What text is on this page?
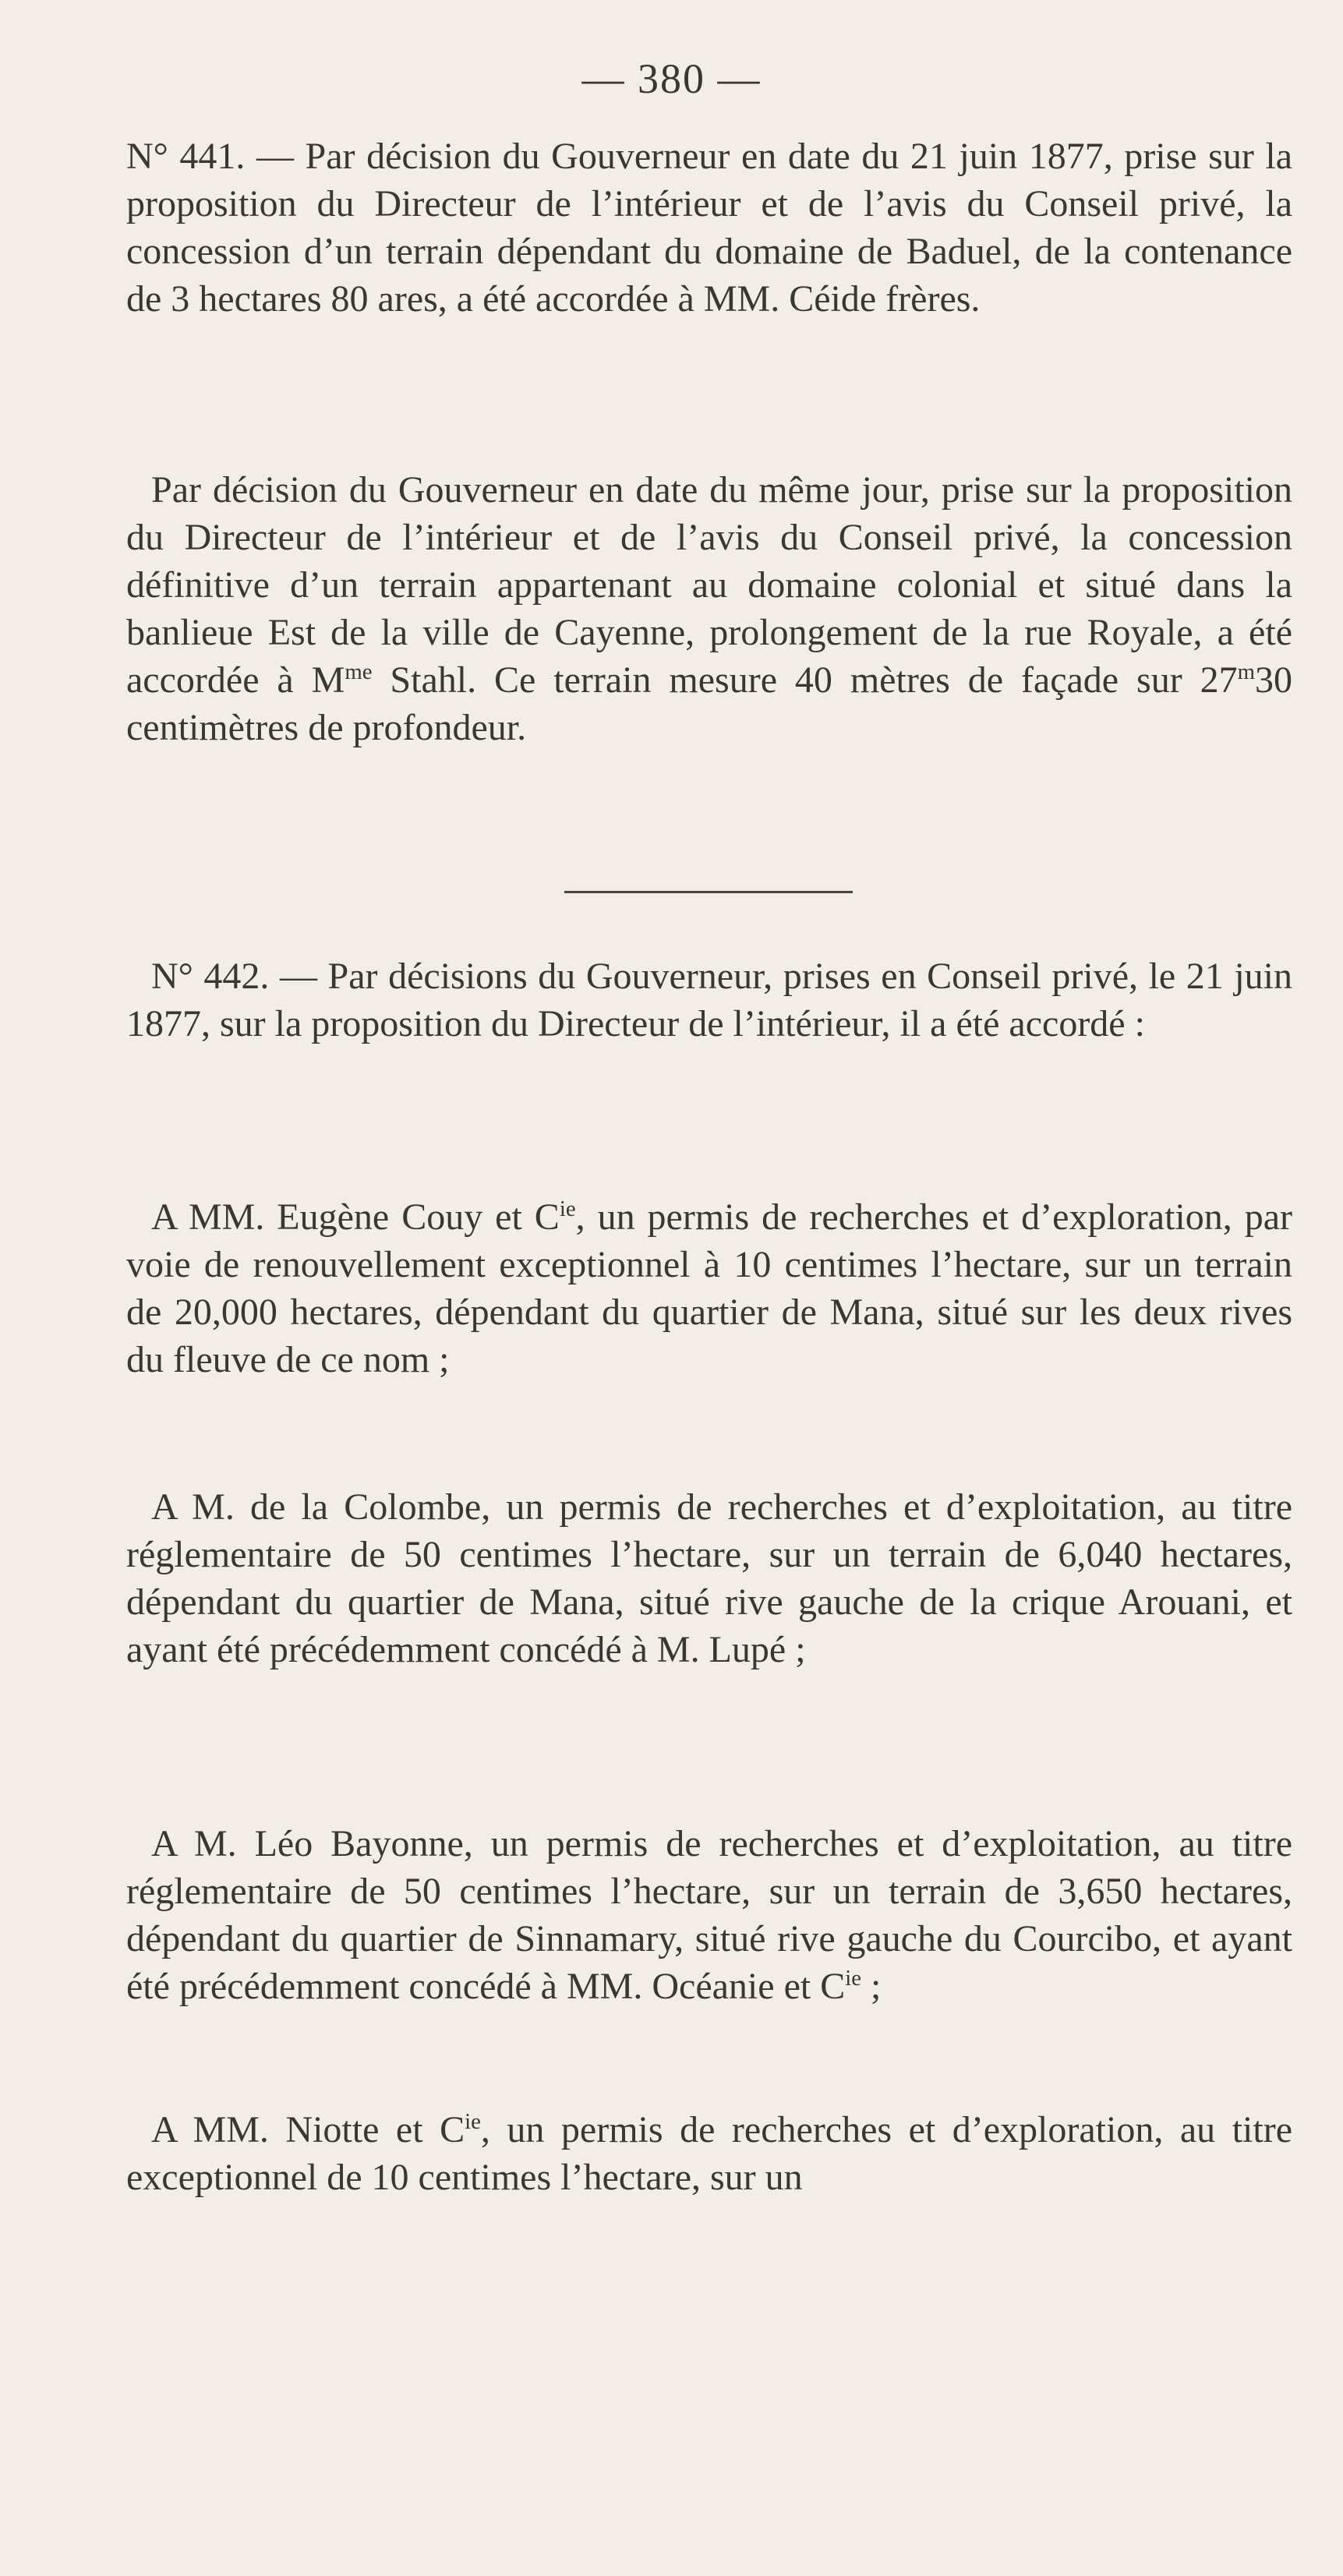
— 380 —

N° 441. — Par décision du Gouverneur en date du 21 juin 1877, prise sur la proposition du Directeur de l’intérieur et de l’avis du Conseil privé, la concession d’un terrain dépendant du domaine de Baduel, de la contenance de 3 hectares 80 ares, a été accordée à MM. Céide frères.

Par décision du Gouverneur en date du même jour, prise sur la proposition du Directeur de l’intérieur et de l’avis du Conseil privé, la concession définitive d’un terrain appartenant au domaine colonial et situé dans la banlieue Est de la ville de Cayenne, prolongement de la rue Royale, a été accordée à $M^{me}$ Stahl. Ce terrain mesure 40 mètres de façade sur 27$^m$30 centimètres de profondeur.

N° 442. — Par décisions du Gouverneur, prises en Conseil privé, le 21 juin 1877, sur la proposition du Directeur de l’intérieur, il a été accordé :

A MM. Eugène Couy et $C^{ie}$, un permis de recherches et d’exploration, par voie de renouvellement exceptionnel à 10 centimes l’hectare, sur un terrain de 20,000 hectares, dépendant du quartier de Mana, situé sur les deux rives du fleuve de ce nom ;

A M. de la Colombe, un permis de recherches et d’exploitation, au titre réglementaire de 50 centimes l’hectare, sur un terrain de 6,040 hectares, dépendant du quartier de Mana, situé rive gauche de la crique Arouani, et ayant été précédemment concédé à M. Lupé ;

A M. Léo Bayonne, un permis de recherches et d’exploitation, au titre réglementaire de 50 centimes l’hectare, sur un terrain de 3,650 hectares, dépendant du quartier de Sinnamary, situé rive gauche du Courcibo, et ayant été précédemment concédé à MM. Océanie et $C^{ie}$ ;

A MM. Niotte et $C^{ie}$, un permis de recherches et d’exploration, au titre exceptionnel de 10 centimes l’hectare, sur un
